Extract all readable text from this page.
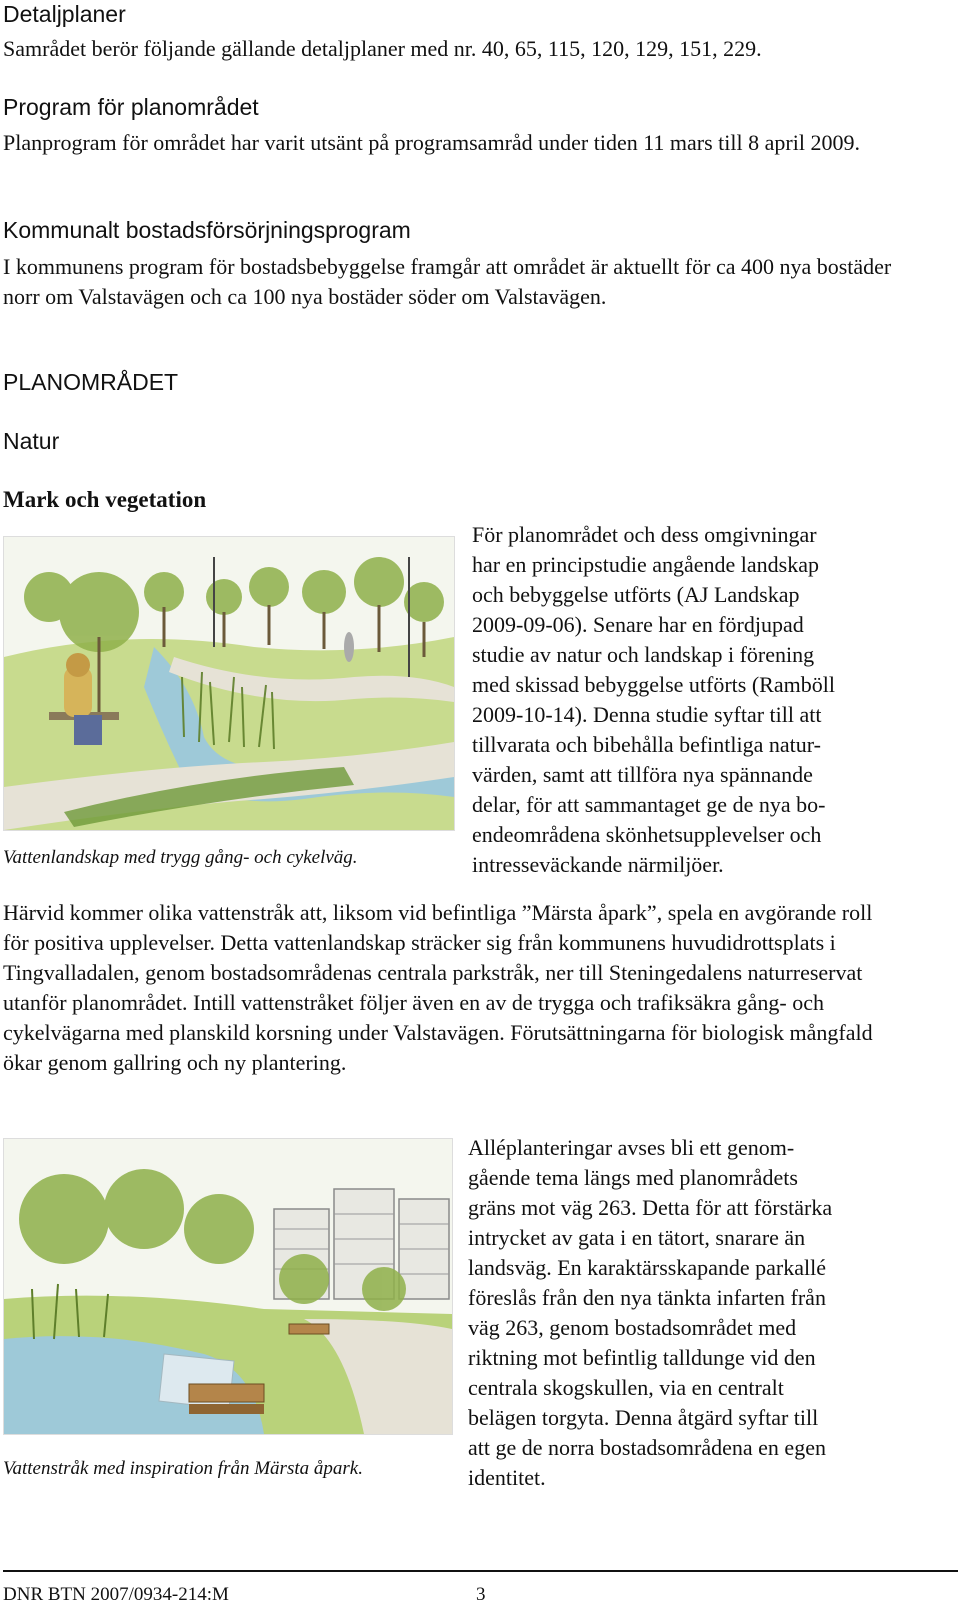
Detaljplaner

Samrådet berör följande gällande detaljplaner med nr. 40, 65, 115, 120, 129, 151, 229.

Program för planområdet

Planprogram för området har varit utsänt på programsamråd under tiden 11 mars till 8 april 2009.

Kommunalt bostadsförsörjningsprogram

I kommunens program för bostadsbebyggelse framgår att området är aktuellt för ca 400 nya bostäder norr om Valstavägen och ca 100 nya bostäder söder om Valstavägen.

PLANOMRÅDET
Natur
Mark och vegetation

Vattenlandskap med trygg gång- och cykelväg.

För planområdet och dess omgivningar
har en principstudie angående landskap
och bebyggelse utförts (AJ Landskap
2009-09-06). Senare har en fördjupad
studie av natur och landskap i förening
med skissad bebyggelse utförts (Ramböll
2009-10-14). Denna studie syftar till att
tillvarata och bibehålla befintliga natur-
värden, samt att tillföra nya spännande
delar, för att sammantaget ge de nya bo-
endeområdena skönhetsupplevelser och
intresseväckande närmiljöer.

Härvid kommer olika vattenstråk att, liksom vid befintliga ”Märsta åpark”, spela en avgörande roll för positiva upplevelser. Detta vattenlandskap sträcker sig från kommunens huvudidrottsplats i Tingvalladalen, genom bostadsområdenas centrala parkstråk, ner till Steningedalens naturreservat utanför planområdet. Intill vattenstråket följer även en av de trygga och trafiksäkra gång- och cykelvägarna med planskild korsning under Valstavägen. Förutsättningarna för biologisk mångfald ökar genom gallring och ny plantering.

Vattenstråk med inspiration från Märsta åpark.

Alléplanteringar avses bli ett genom-
gående tema längs med planområdets
gräns mot väg 263. Detta för att förstärka
intrycket av gata i en tätort, snarare än
landsväg. En karaktärsskapande parkallé
föreslås från den nya tänkta infarten från
väg 263, genom bostadsområdet med
riktning mot befintlig talldunge vid den
centrala skogskullen, via en centralt
belägen torgyta. Denna åtgärd syftar till
att ge de norra bostadsområdena en egen
identitet.

DNR BTN 2007/0934-214:M	3
